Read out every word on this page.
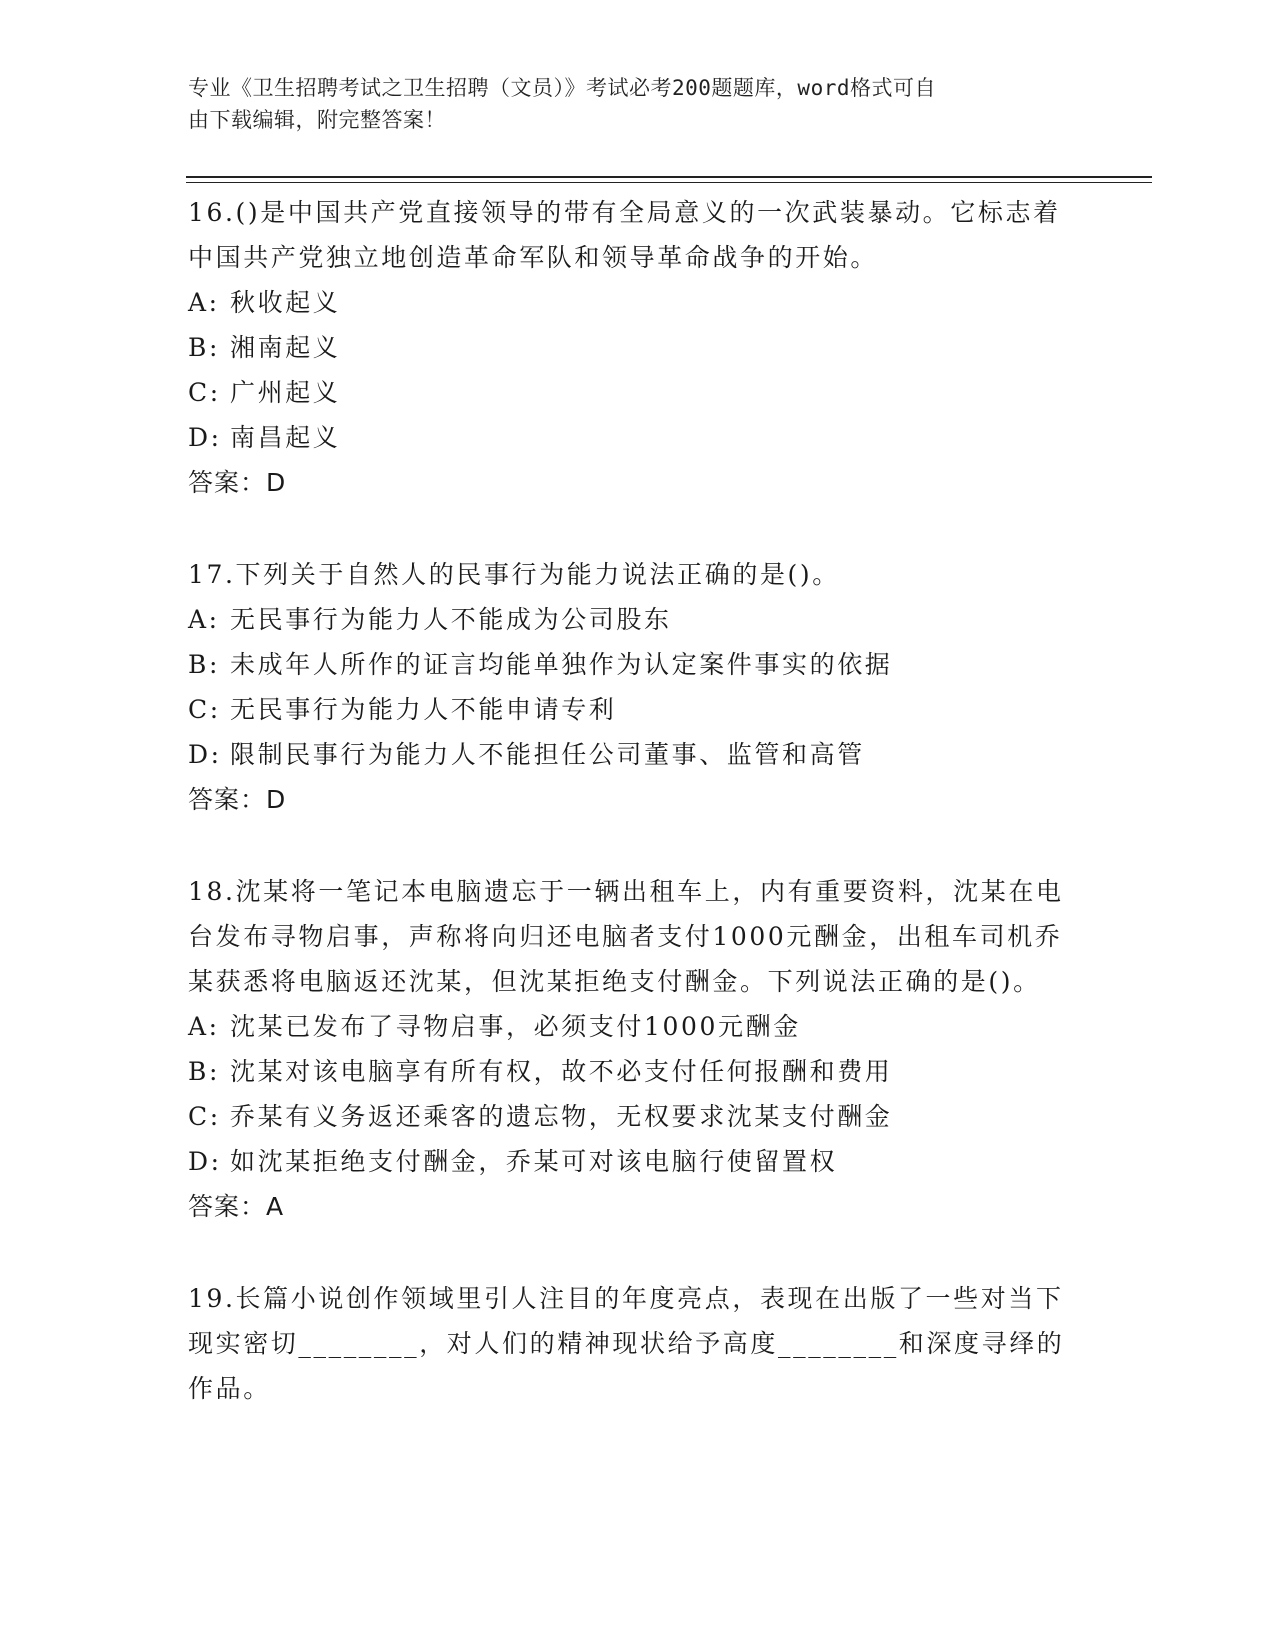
专业《卫生招聘考试之卫生招聘（文员）》考试必考200题题库，word格式可自
由下载编辑，附完整答案！
16.()是中国共产党直接领导的带有全局意义的一次武装暴动。它标志着中国共产党独立地创造革命军队和领导革命战争的开始。
A: 秋收起义
B: 湘南起义
C: 广州起义
D: 南昌起义
答案：D
17.下列关于自然人的民事行为能力说法正确的是()。
A: 无民事行为能力人不能成为公司股东
B: 未成年人所作的证言均能单独作为认定案件事实的依据
C: 无民事行为能力人不能申请专利
D: 限制民事行为能力人不能担任公司董事、监管和高管
答案：D
18.沈某将一笔记本电脑遗忘于一辆出租车上，内有重要资料，沈某在电台发布寻物启事，声称将向归还电脑者支付1000元酬金，出租车司机乔某获悉将电脑返还沈某，但沈某拒绝支付酬金。下列说法正确的是()。
A: 沈某已发布了寻物启事，必须支付1000元酬金
B: 沈某对该电脑享有所有权，故不必支付任何报酬和费用
C: 乔某有义务返还乘客的遗忘物，无权要求沈某支付酬金
D: 如沈某拒绝支付酬金，乔某可对该电脑行使留置权
答案：A
19.长篇小说创作领域里引人注目的年度亮点，表现在出版了一些对当下现实密切________，对人们的精神现状给予高度________和深度寻绎的作品。
